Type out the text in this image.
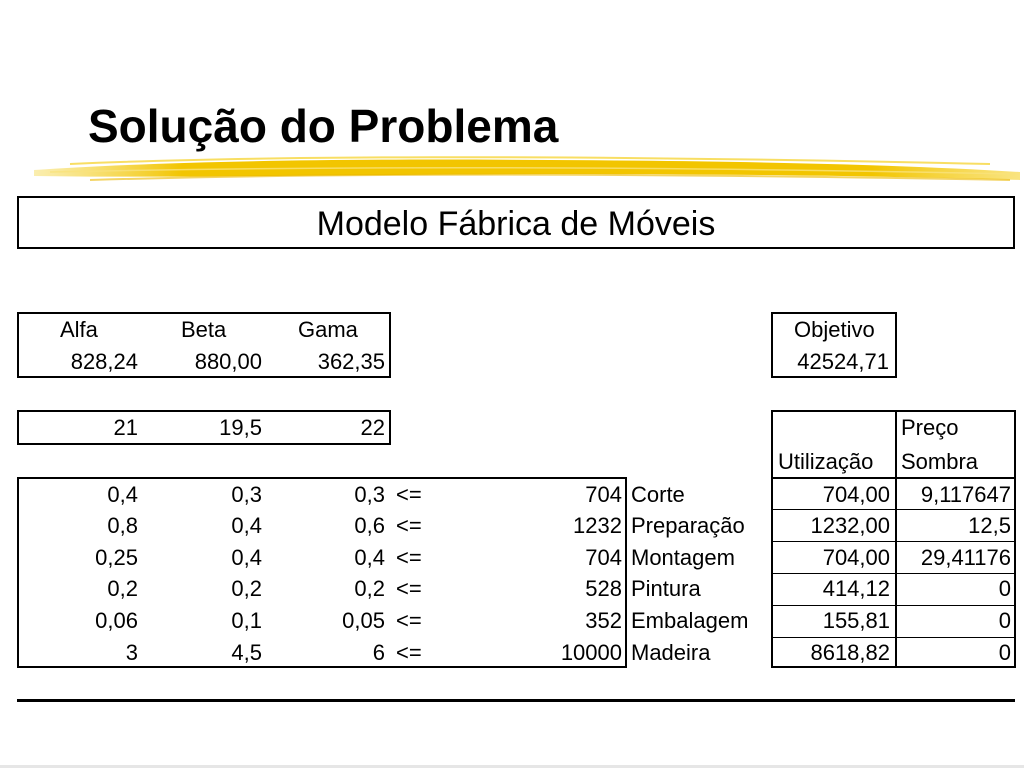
Solução do Problema
Modelo Fábrica de Móveis
Alfa	Beta	Gama
828,24	880,00	362,35
Objetivo
42524,71
21	19,5	22
Utilização
Preço
Sombra
0,4	0,3	0,3 <=	704 Corte	704,00	9,117647
0,8	0,4	0,6 <=	1232 Preparação	1232,00	12,5
0,25	0,4	0,4 <=	704 Montagem	704,00	29,41176
0,2	0,2	0,2 <=	528 Pintura	414,12	0
0,06	0,1	0,05 <=	352 Embalagem	155,81	0
3	4,5	6 <=	10000 Madeira	8618,82	0
